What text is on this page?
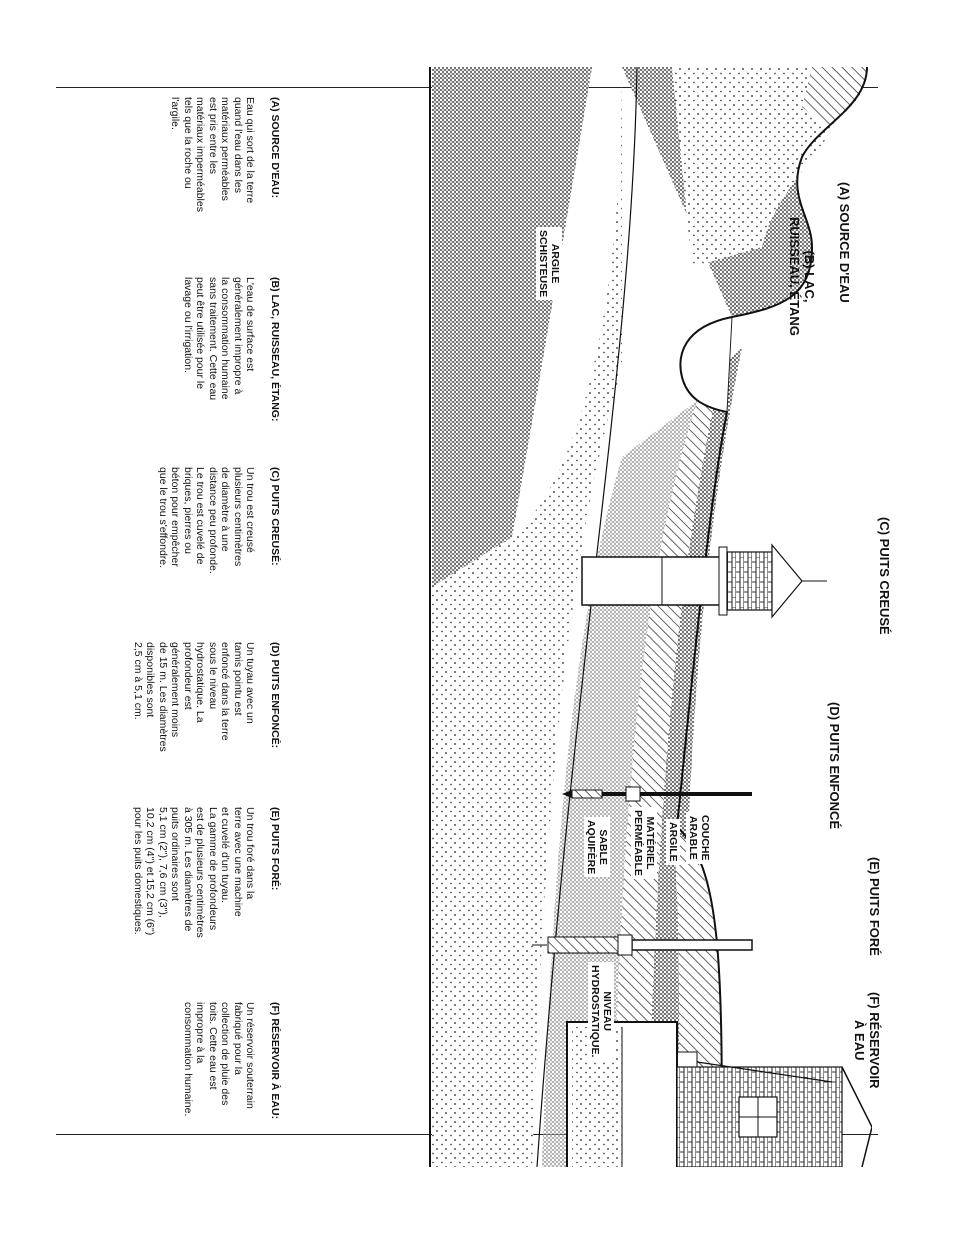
(A) SOURCE D'EAU
(B) LAC,
RUISSEAU, ÉTANG
(C) PUITS CREUSÉ
(D) PUITS ENFONCÉ
(E) PUITS FORÉ
(F) RÉSERVOIR
À EAU
ARGILE
SCHISTEUSE
COUCHE
ARABLE
ARGILE
MATÉRIEL
PERMÉABLE
SABLE
AQUIFÈRE
NIVEAU
HYDROSTATIQUE.

(A) SOURCE D'EAU:

Eau qui sort de la terre
quand l'eau dans les
matériaux perméables
est pris entre les
matériaux imperméables
tels que la roche ou
l'argile.

(B) LAC, RUISSEAU, ÉTANG:

L'eau de surface est
généralement impropre à
la consommation humaine
sans traitement. Cette eau
peut être utilisée pour le
lavage ou l'irrigation.

(C) PUITS CREUSÉ:

Un trou est creusé
plusieurs centimètres
de diamètre à une
distance peu profonde.
Le trou est cuvelé de
briques, pierres ou
béton pour empêcher
que le trou s'effondre.

(D) PUITS ENFONCÉ:

Un tuyau avec un
tamis pointu est
enfoncé dans la terre
sous le niveau
hydrostatique. La
profondeur est
généralement moins
de 15 m. Les diamètres
disponibles sont
2,5 cm à 5,1 cm.

(E) PUITS FORÉ:

Un trou foré dans la
terre avec une machine
et cuvelé d'un tuyau.
La gamme de profondeurs
est de plusieurs centimètres
à 305 m. Les diamètres de
puits ordinaires sont
5,1 cm (2"), 7,6 cm (3"),
10,2 cm (4") et 15,2 cm (6")
pour les puits domestiques.

(F) RÉSERVOIR À EAU:

Un réservoir souterrain
fabriqué pour la
collection de pluie des
toits. Cette eau est
impropre à la
consommation humaine.
